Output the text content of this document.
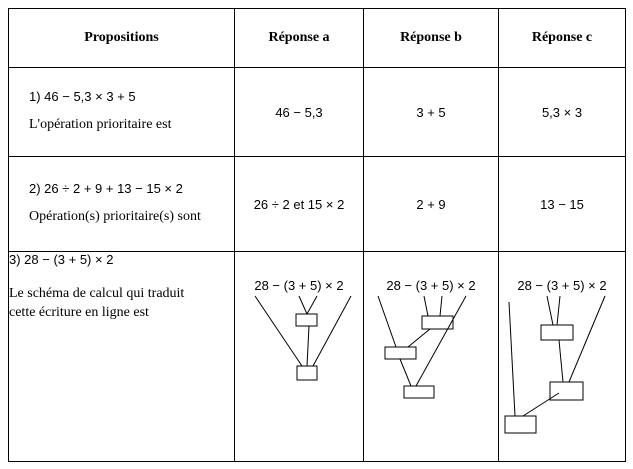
Propositions	Réponse a	Réponse b	Réponse c

1) 46 − 5,3 × 3 + 5
L'opération prioritaire est	46 − 5,3	3 + 5	5,3 × 3

2) 26 ÷ 2 + 9 + 13 − 15 × 2
Opération(s) prioritaire(s) sont	26 ÷ 2 et 15 × 2	2 + 9	13 − 15

3) 28 − (3 + 5) × 2
Le schéma de calcul qui traduit
cette écriture en ligne est	28 − (3 + 5) × 2	28 − (3 + 5) × 2	28 − (3 + 5) × 2
